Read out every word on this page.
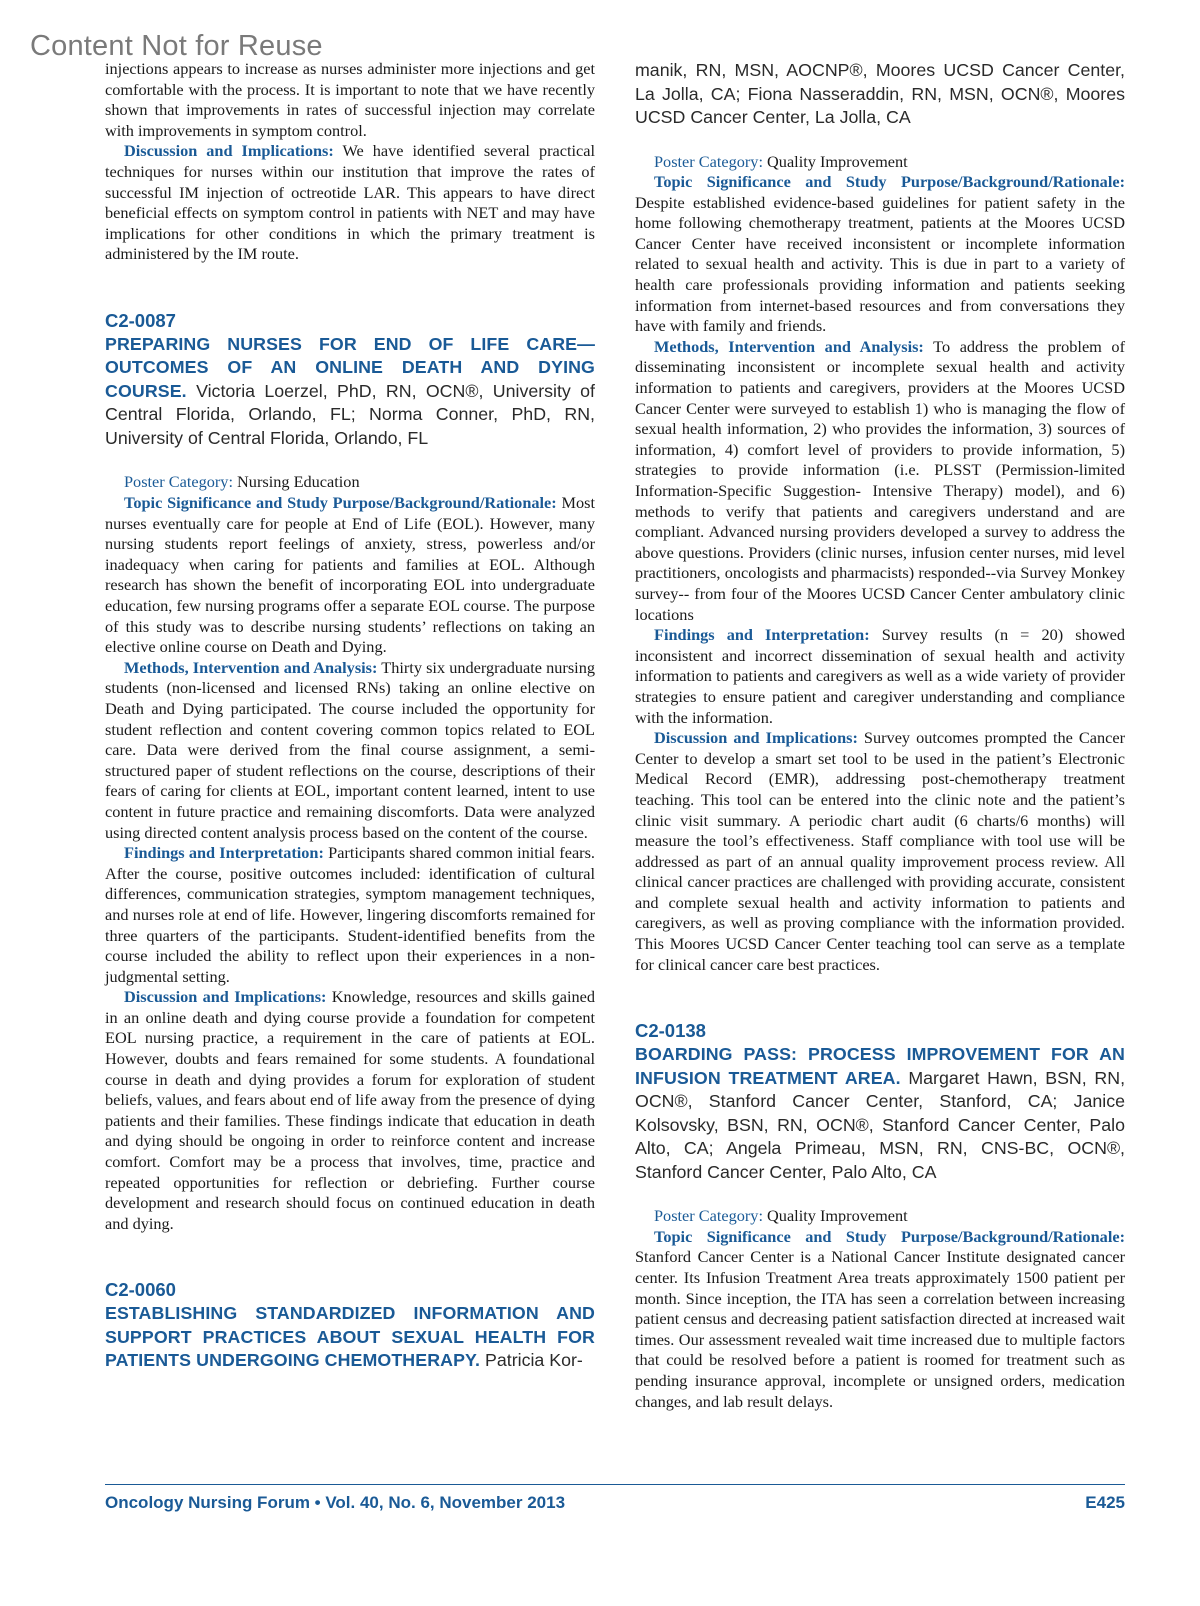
Content Not for Reuse

injections appears to increase as nurses administer more injections and get comfortable with the process. It is important to note that we have recently shown that improvements in rates of successful injection may correlate with improvements in symptom control.

Discussion and Implications: We have identified several practical techniques for nurses within our institution that improve the rates of successful IM injection of octreotide LAR. This appears to have direct beneficial effects on symptom control in patients with NET and may have implications for other conditions in which the primary treatment is administered by the IM route.

C2-0087

PREPARING NURSES FOR END OF LIFE CARE—OUTCOMES OF AN ONLINE DEATH AND DYING COURSE. Victoria Loerzel, PhD, RN, OCN®, University of Central Florida, Orlando, FL; Norma Conner, PhD, RN, University of Central Florida, Orlando, FL

Poster Category: Nursing Education

Topic Significance and Study Purpose/Background/Rationale: Most nurses eventually care for people at End of Life (EOL). However, many nursing students report feelings of anxiety, stress, powerless and/or inadequacy when caring for patients and families at EOL. Although research has shown the benefit of incorporating EOL into undergraduate education, few nursing programs offer a separate EOL course. The purpose of this study was to describe nursing students’ reflections on taking an elective online course on Death and Dying.

Methods, Intervention and Analysis: Thirty six undergraduate nursing students (non-licensed and licensed RNs) taking an online elective on Death and Dying participated. The course included the opportunity for student reflection and content covering common topics related to EOL care. Data were derived from the final course assignment, a semi-structured paper of student reflections on the course, descriptions of their fears of caring for clients at EOL, important content learned, intent to use content in future practice and remaining discomforts. Data were analyzed using directed content analysis process based on the content of the course.

Findings and Interpretation: Participants shared common initial fears. After the course, positive outcomes included: identification of cultural differences, communication strategies, symptom management techniques, and nurses role at end of life. However, lingering discomforts remained for three quarters of the participants. Student-identified benefits from the course included the ability to reflect upon their experiences in a non-judgmental setting.

Discussion and Implications: Knowledge, resources and skills gained in an online death and dying course provide a foundation for competent EOL nursing practice, a requirement in the care of patients at EOL. However, doubts and fears remained for some students. A foundational course in death and dying provides a forum for exploration of student beliefs, values, and fears about end of life away from the presence of dying patients and their families. These findings indicate that education in death and dying should be ongoing in order to reinforce content and increase comfort. Comfort may be a process that involves, time, practice and repeated opportunities for reflection or debriefing. Further course development and research should focus on continued education in death and dying.

C2-0060

ESTABLISHING STANDARDIZED INFORMATION AND SUPPORT PRACTICES ABOUT SEXUAL HEALTH FOR PATIENTS UNDERGOING CHEMOTHERAPY. Patricia Kor-

manik, RN, MSN, AOCNP®, Moores UCSD Cancer Center, La Jolla, CA; Fiona Nasseraddin, RN, MSN, OCN®, Moores UCSD Cancer Center, La Jolla, CA

Poster Category: Quality Improvement

Topic Significance and Study Purpose/Background/Rationale: Despite established evidence-based guidelines for patient safety in the home following chemotherapy treatment, patients at the Moores UCSD Cancer Center have received inconsistent or incomplete information related to sexual health and activity. This is due in part to a variety of health care professionals providing information and patients seeking information from internet-based resources and from conversations they have with family and friends.

Methods, Intervention and Analysis: To address the problem of disseminating inconsistent or incomplete sexual health and activity information to patients and caregivers, providers at the Moores UCSD Cancer Center were surveyed to establish 1) who is managing the flow of sexual health information, 2) who provides the information, 3) sources of information, 4) comfort level of providers to provide information, 5) strategies to provide information (i.e. PLSST (Permission-limited Information-Specific Suggestion- Intensive Therapy) model), and 6) methods to verify that patients and caregivers understand and are compliant. Advanced nursing providers developed a survey to address the above questions. Providers (clinic nurses, infusion center nurses, mid level practitioners, oncologists and pharmacists) responded--via Survey Monkey survey-- from four of the Moores UCSD Cancer Center ambulatory clinic locations

Findings and Interpretation: Survey results (n = 20) showed inconsistent and incorrect dissemination of sexual health and activity information to patients and caregivers as well as a wide variety of provider strategies to ensure patient and caregiver understanding and compliance with the information.

Discussion and Implications: Survey outcomes prompted the Cancer Center to develop a smart set tool to be used in the patient’s Electronic Medical Record (EMR), addressing post-chemotherapy treatment teaching. This tool can be entered into the clinic note and the patient’s clinic visit summary. A periodic chart audit (6 charts/6 months) will measure the tool’s effectiveness. Staff compliance with tool use will be addressed as part of an annual quality improvement process review. All clinical cancer practices are challenged with providing accurate, consistent and complete sexual health and activity information to patients and caregivers, as well as proving compliance with the information provided. This Moores UCSD Cancer Center teaching tool can serve as a template for clinical cancer care best practices.

C2-0138

BOARDING PASS: PROCESS IMPROVEMENT FOR AN INFUSION TREATMENT AREA. Margaret Hawn, BSN, RN, OCN®, Stanford Cancer Center, Stanford, CA; Janice Kolsovsky, BSN, RN, OCN®, Stanford Cancer Center, Palo Alto, CA; Angela Primeau, MSN, RN, CNS-BC, OCN®, Stanford Cancer Center, Palo Alto, CA

Poster Category: Quality Improvement

Topic Significance and Study Purpose/Background/Rationale: Stanford Cancer Center is a National Cancer Institute designated cancer center. Its Infusion Treatment Area treats approximately 1500 patient per month. Since inception, the ITA has seen a correlation between increasing patient census and decreasing patient satisfaction directed at increased wait times. Our assessment revealed wait time increased due to multiple factors that could be resolved before a patient is roomed for treatment such as pending insurance approval, incomplete or unsigned orders, medication changes, and lab result delays.

Oncology Nursing Forum • Vol. 40, No. 6, November 2013	E425
